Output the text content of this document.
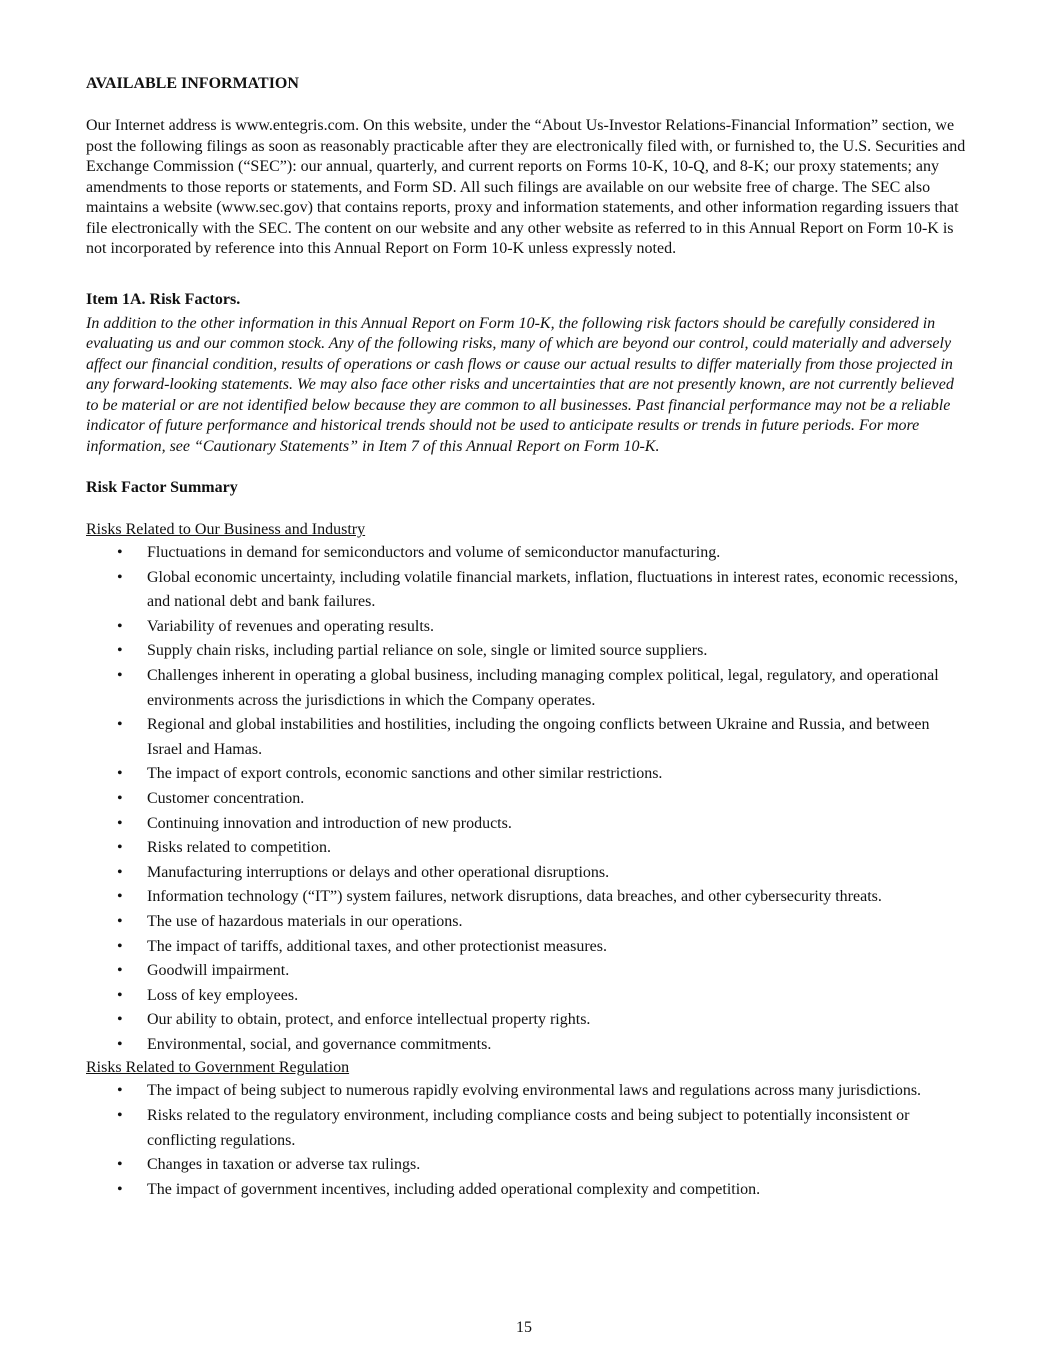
AVAILABLE INFORMATION

Our Internet address is www.entegris.com. On this website, under the “About Us-Investor Relations-Financial Information” section, we post the following filings as soon as reasonably practicable after they are electronically filed with, or furnished to, the U.S. Securities and Exchange Commission (“SEC”): our annual, quarterly, and current reports on Forms 10-K, 10-Q, and 8-K; our proxy statements; any amendments to those reports or statements, and Form SD. All such filings are available on our website free of charge. The SEC also maintains a website (www.sec.gov) that contains reports, proxy and information statements, and other information regarding issuers that file electronically with the SEC. The content on our website and any other website as referred to in this Annual Report on Form 10-K is not incorporated by reference into this Annual Report on Form 10-K unless expressly noted.

Item 1A. Risk Factors.

In addition to the other information in this Annual Report on Form 10-K, the following risk factors should be carefully considered in evaluating us and our common stock. Any of the following risks, many of which are beyond our control, could materially and adversely affect our financial condition, results of operations or cash flows or cause our actual results to differ materially from those projected in any forward-looking statements. We may also face other risks and uncertainties that are not presently known, are not currently believed to be material or are not identified below because they are common to all businesses. Past financial performance may not be a reliable indicator of future performance and historical trends should not be used to anticipate results or trends in future periods. For more information, see “Cautionary Statements” in Item 7 of this Annual Report on Form 10-K.

Risk Factor Summary

Risks Related to Our Business and Industry

• Fluctuations in demand for semiconductors and volume of semiconductor manufacturing.
• Global economic uncertainty, including volatile financial markets, inflation, fluctuations in interest rates, economic recessions, and national debt and bank failures.
• Variability of revenues and operating results.
• Supply chain risks, including partial reliance on sole, single or limited source suppliers.
• Challenges inherent in operating a global business, including managing complex political, legal, regulatory, and operational environments across the jurisdictions in which the Company operates.
• Regional and global instabilities and hostilities, including the ongoing conflicts between Ukraine and Russia, and between Israel and Hamas.
• The impact of export controls, economic sanctions and other similar restrictions.
• Customer concentration.
• Continuing innovation and introduction of new products.
• Risks related to competition.
• Manufacturing interruptions or delays and other operational disruptions.
• Information technology (“IT”) system failures, network disruptions, data breaches, and other cybersecurity threats.
• The use of hazardous materials in our operations.
• The impact of tariffs, additional taxes, and other protectionist measures.
• Goodwill impairment.
• Loss of key employees.
• Our ability to obtain, protect, and enforce intellectual property rights.
• Environmental, social, and governance commitments.

Risks Related to Government Regulation

• The impact of being subject to numerous rapidly evolving environmental laws and regulations across many jurisdictions.
• Risks related to the regulatory environment, including compliance costs and being subject to potentially inconsistent or conflicting regulations.
• Changes in taxation or adverse tax rulings.
• The impact of government incentives, including added operational complexity and competition.
15
